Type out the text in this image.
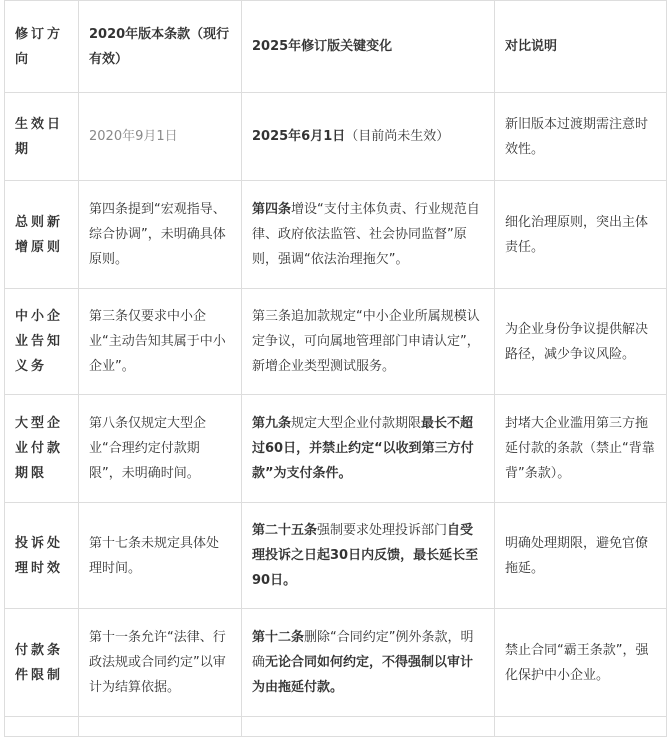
修订方向	2020年版本条款（现行有效）	2025年修订版关键变化	对比说明
生效日期	2020年9月1日	2025年6月1日（目前尚未生效）	新旧版本过渡期需注意时效性。
总则新增原则	第四条提到“宏观指导、综合协调”，未明确具体原则。	第四条增设“支付主体负责、行业规范自律、政府依法监管、社会协同监督”原则，强调“依法治理拖欠”。	细化治理原则，突出主体责任。
中小企业告知义务	第三条仅要求中小企业“主动告知其属于中小企业”。	第三条追加款规定“中小企业所属规模认定争议，可向属地管理部门申请认定”，新增企业类型测试服务。	为企业身份争议提供解决路径，减少争议风险。
大型企业付款期限	第八条仅规定大型企业“合理约定付款期限”，未明确时间。	第九条规定大型企业付款期限最长不超过60日，并禁止约定“以收到第三方付款”为支付条件。	封堵大企业滥用第三方拖延付款的条款（禁止“背靠背”条款）。
投诉处理时效	第十七条未规定具体处理时间。	第二十五条强制要求处理投诉部门自受理投诉之日起30日内反馈，最长延长至90日。	明确处理期限，避免官僚拖延。
付款条件限制	第十一条允许“法律、行政法规或合同约定”以审计为结算依据。	第十二条删除“合同约定”例外条款，明确无论合同如何约定，不得强制以审计为由拖延付款。	禁止合同“霸王条款”，强化保护中小企业。
